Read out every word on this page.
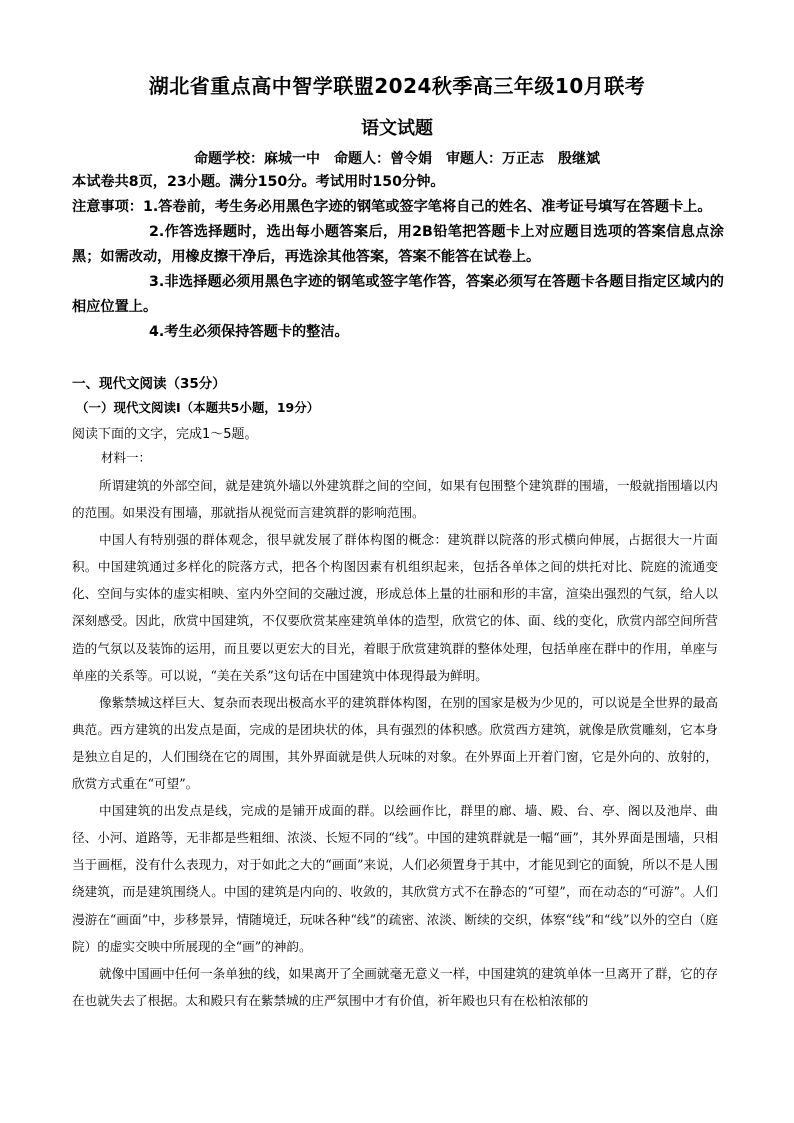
湖北省重点高中智学联盟2024秋季高三年级10月联考
语文试题
命题学校：麻城一中　命题人：曾令娟　审题人：万正志　殷继斌
本试卷共8页，23小题。满分150分。考试用时150分钟。
注意事项：1.答卷前，考生务必用黑色字迹的钢笔或签字笔将自己的姓名、准考证号填写在答题卡上。
2.作答选择题时，选出每小题答案后，用2B铅笔把答题卡上对应题目选项的答案信息点涂黑；如需改动，用橡皮擦干净后，再选涂其他答案，答案不能答在试卷上。
3.非选择题必须用黑色字迹的钢笔或签字笔作答，答案必须写在答题卡各题目指定区域内的相应位置上。
4.考生必须保持答题卡的整洁。
一、现代文阅读（35分）
（一）现代文阅读Ⅰ（本题共5小题，19分）
阅读下面的文字，完成1～5题。
材料一：

所谓建筑的外部空间，就是建筑外墙以外建筑群之间的空间，如果有包围整个建筑群的围墙，一般就指围墙以内的范围。如果没有围墙，那就指从视觉而言建筑群的影响范围。

中国人有特别强的群体观念，很早就发展了群体构图的概念：建筑群以院落的形式横向伸展，占据很大一片面积。中国建筑通过多样化的院落方式，把各个构图因素有机组织起来，包括各单体之间的烘托对比、院庭的流通变化、空间与实体的虚实相映、室内外空间的交融过渡，形成总体上量的壮丽和形的丰富，渲染出强烈的气氛，给人以深刻感受。因此，欣赏中国建筑，不仅要欣赏某座建筑单体的造型，欣赏它的体、面、线的变化，欣赏内部空间所营造的气氛以及装饰的运用，而且要以更宏大的目光，着眼于欣赏建筑群的整体处理，包括单座在群中的作用，单座与单座的关系等。可以说，“美在关系”这句话在中国建筑中体现得最为鲜明。

像紫禁城这样巨大、复杂而表现出极高水平的建筑群体构图，在别的国家是极为少见的，可以说是全世界的最高典范。西方建筑的出发点是面，完成的是团块状的体，具有强烈的体积感。欣赏西方建筑，就像是欣赏雕刻，它本身是独立自足的，人们围绕在它的周围，其外界面就是供人玩味的对象。在外界面上开着门窗，它是外向的、放射的，欣赏方式重在“可望”。

中国建筑的出发点是线，完成的是铺开成面的群。以绘画作比，群里的廊、墙、殿、台、亭、阁以及池岸、曲径、小河、道路等，无非都是些粗细、浓淡、长短不同的“线”。中国的建筑群就是一幅“画”，其外界面是围墙，只相当于画框，没有什么表现力，对于如此之大的“画面”来说，人们必须置身于其中，才能见到它的面貌，所以不是人围绕建筑，而是建筑围绕人。中国的建筑是内向的、收敛的，其欣赏方式不在静态的“可望”，而在动态的“可游”。人们漫游在“画面”中，步移景异，情随境迁，玩味各种“线”的疏密、浓淡、断续的交织，体察“线”和“线”以外的空白（庭院）的虚实交映中所展现的全“画”的神韵。

就像中国画中任何一条单独的线，如果离开了全画就毫无意义一样，中国建筑的建筑单体一旦离开了群，它的存在也就失去了根据。太和殿只有在紫禁城的庄严氛围中才有价值，祈年殿也只有在松柏浓郁的
